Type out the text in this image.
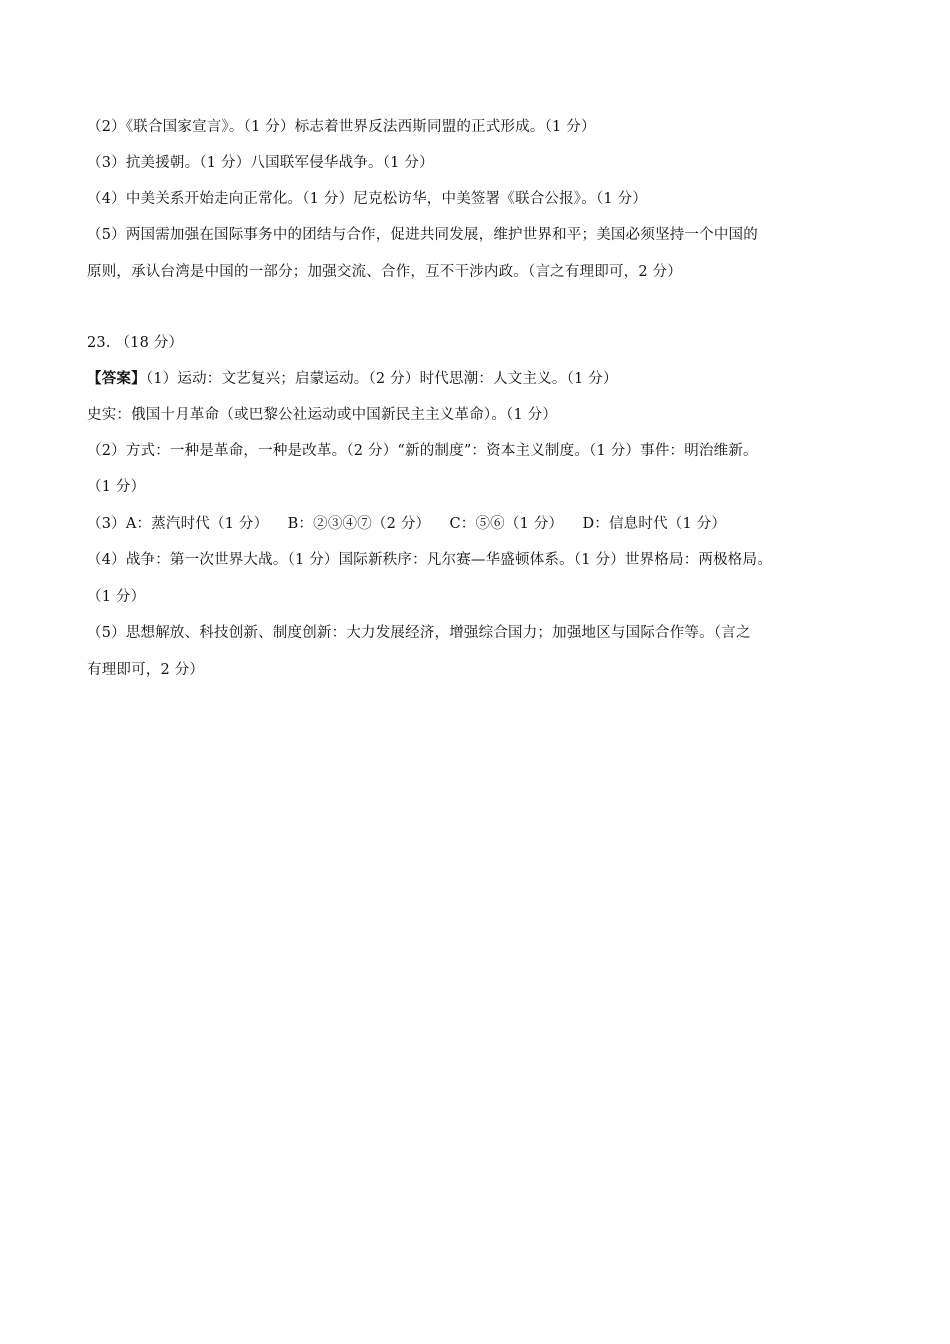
（2）《联合国家宣言》。（1 分）标志着世界反法西斯同盟的正式形成。（1 分）
（3）抗美援朝。（1 分）八国联军侵华战争。（1 分）
（4）中美关系开始走向正常化。（1 分）尼克松访华，中美签署《联合公报》。（1 分）
（5）两国需加强在国际事务中的团结与合作，促进共同发展，维护世界和平；美国必须坚持一个中国的
原则，承认台湾是中国的一部分；加强交流、合作，互不干涉内政。（言之有理即可，2 分）
23. （18 分）
【答案】（1）运动：文艺复兴；启蒙运动。（2 分）时代思潮：人文主义。（1 分）
史实：俄国十月革命（或巴黎公社运动或中国新民主主义革命）。（1 分）
（2）方式：一种是革命，一种是改革。（2 分）“新的制度”：资本主义制度。（1 分）事件：明治维新。
（1 分）
（3）A：蒸汽时代（1 分）    B：②③④⑦（2 分）    C：⑤⑥（1 分）    D：信息时代（1 分）
（4）战争：第一次世界大战。（1 分）国际新秩序：凡尔赛—华盛顿体系。（1 分）世界格局：两极格局。
（1 分）
（5）思想解放、科技创新、制度创新：大力发展经济，增强综合国力；加强地区与国际合作等。（言之
有理即可，2 分）
